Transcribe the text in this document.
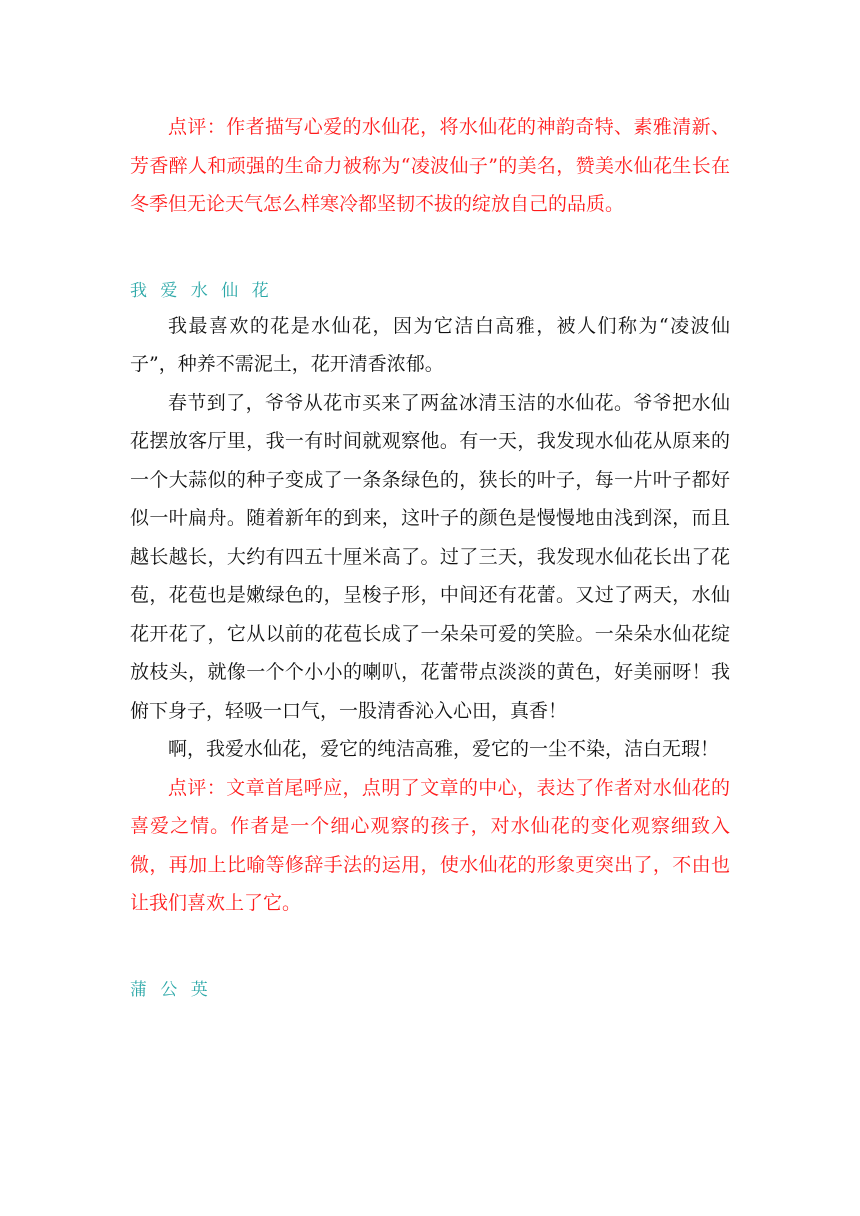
点评：作者描写心爱的水仙花，将水仙花的神韵奇特、素雅清新、芳香醉人和顽强的生命力被称为“凌波仙子”的美名，赞美水仙花生长在冬季但无论天气怎么样寒冷都坚韧不拔的绽放自己的品质。

我 爱 水 仙 花

我最喜欢的花是水仙花，因为它洁白高雅，被人们称为“凌波仙子”，种养不需泥土，花开清香浓郁。

春节到了，爷爷从花市买来了两盆冰清玉洁的水仙花。爷爷把水仙花摆放客厅里，我一有时间就观察他。有一天，我发现水仙花从原来的一个大蒜似的种子变成了一条条绿色的，狭长的叶子，每一片叶子都好似一叶扁舟。随着新年的到来，这叶子的颜色是慢慢地由浅到深，而且越长越长，大约有四五十厘米高了。过了三天，我发现水仙花长出了花苞，花苞也是嫩绿色的，呈梭子形，中间还有花蕾。又过了两天，水仙花开花了，它从以前的花苞长成了一朵朵可爱的笑脸。一朵朵水仙花绽放枝头，就像一个个小小的喇叭，花蕾带点淡淡的黄色，好美丽呀！我俯下身子，轻吸一口气，一股清香沁入心田，真香！

啊，我爱水仙花，爱它的纯洁高雅，爱它的一尘不染，洁白无瑕！

点评：文章首尾呼应，点明了文章的中心，表达了作者对水仙花的喜爱之情。作者是一个细心观察的孩子，对水仙花的变化观察细致入微，再加上比喻等修辞手法的运用，使水仙花的形象更突出了，不由也让我们喜欢上了它。

蒲 公 英
